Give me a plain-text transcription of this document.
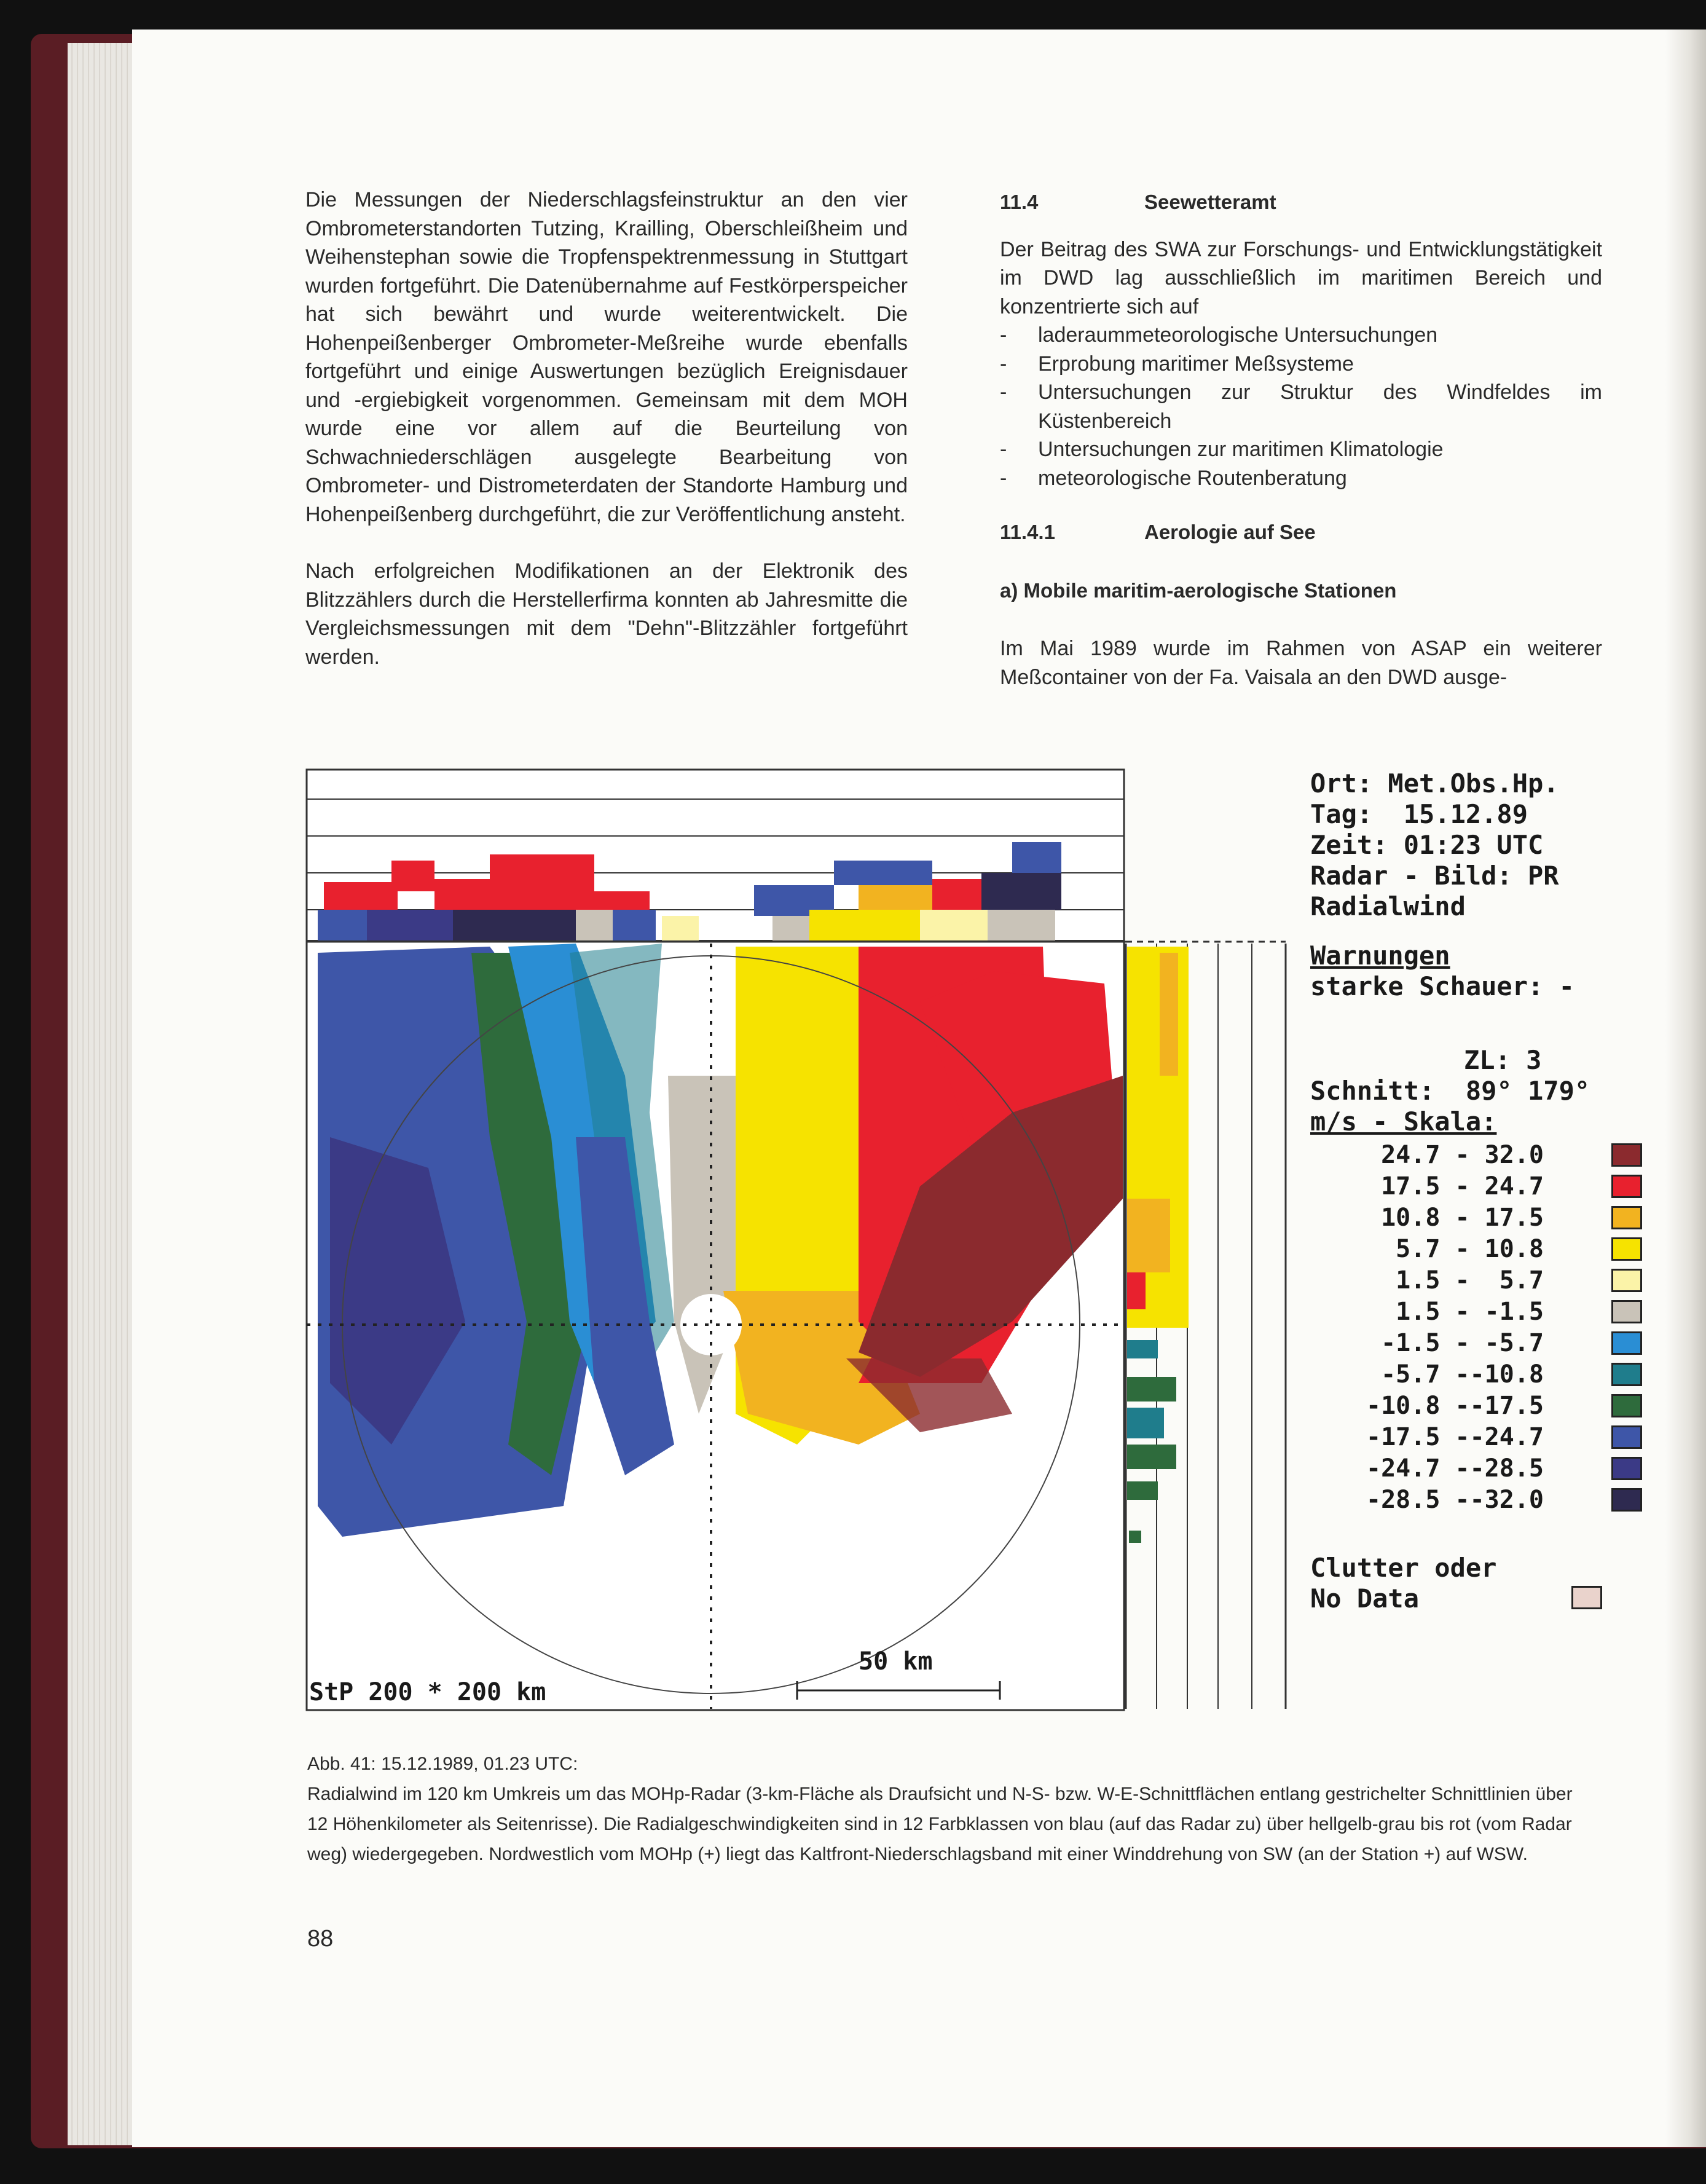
Die Messungen der Niederschlagsfeinstruktur an den vier Ombrometerstandorten Tutzing, Krailling, Oberschleißheim und Weihenstephan sowie die Tropfenspektrenmessung in Stuttgart wurden fortgeführt. Die Datenübernahme auf Festkörperspeicher hat sich bewährt und wurde weiterentwickelt. Die Hohenpeißenberger Ombrometer-Meßreihe wurde ebenfalls fortgeführt und einige Auswertungen bezüglich Ereignisdauer und -ergiebigkeit vorgenommen. Gemeinsam mit dem MOH wurde eine vor allem auf die Beurteilung von Schwachniederschlägen ausgelegte Bearbeitung von Ombrometer- und Distrometerdaten der Standorte Hamburg und Hohenpeißenberg durchgeführt, die zur Veröffentlichung ansteht.

Nach erfolgreichen Modifikationen an der Elektronik des Blitzzählers durch die Herstellerfirma konnten ab Jahresmitte die Vergleichsmessungen mit dem "Dehn"-Blitzzähler fortgeführt werden.

11.4	Seewetteramt

Der Beitrag des SWA zur Forschungs- und Entwicklungstätigkeit im DWD lag ausschließlich im maritimen Bereich und konzentrierte sich auf

- laderaummeteorologische Untersuchungen
- Erprobung maritimer Meßsysteme
- Untersuchungen zur Struktur des Windfeldes im Küstenbereich
- Untersuchungen zur maritimen Klimatologie
- meteorologische Routenberatung

11.4.1	Aerologie auf See

a) Mobile maritim-aerologische Stationen

Im Mai 1989 wurde im Rahmen von ASAP ein weiterer Meßcontainer von der Fa. Vaisala an den DWD ausge-

50 km
StP 200 * 200 km
Ort: Met.Obs.Hp.
Tag:  15.12.89
Zeit: 01:23 UTC
Radar - Bild: PR
Radialwind
Warnungen
starke Schauer: -
ZL: 3
Schnitt:  89° 179°
m/s - Skala:
24.7 - 32.0
17.5 - 24.7
10.8 - 17.5
5.7 - 10.8
1.5 -  5.7
1.5 - -1.5
-1.5 - -5.7
-5.7 --10.8
-10.8 --17.5
-17.5 --24.7
-24.7 --28.5
-28.5 --32.0
Clutter oder
No Data

Abb. 41: 15.12.1989, 01.23 UTC:

Radialwind im 120 km Umkreis um das MOHp-Radar (3-km-Fläche als Draufsicht und N-S- bzw. W-E-Schnittflächen entlang gestrichelter Schnittlinien über 12 Höhenkilometer als Seitenrisse). Die Radialgeschwindigkeiten sind in 12 Farbklassen von blau (auf das Radar zu) über hellgelb-grau bis rot (vom Radar weg) wiedergegeben. Nordwestlich vom MOHp (+) liegt das Kaltfront-Niederschlagsband mit einer Winddrehung von SW (an der Station +) auf WSW.

88
